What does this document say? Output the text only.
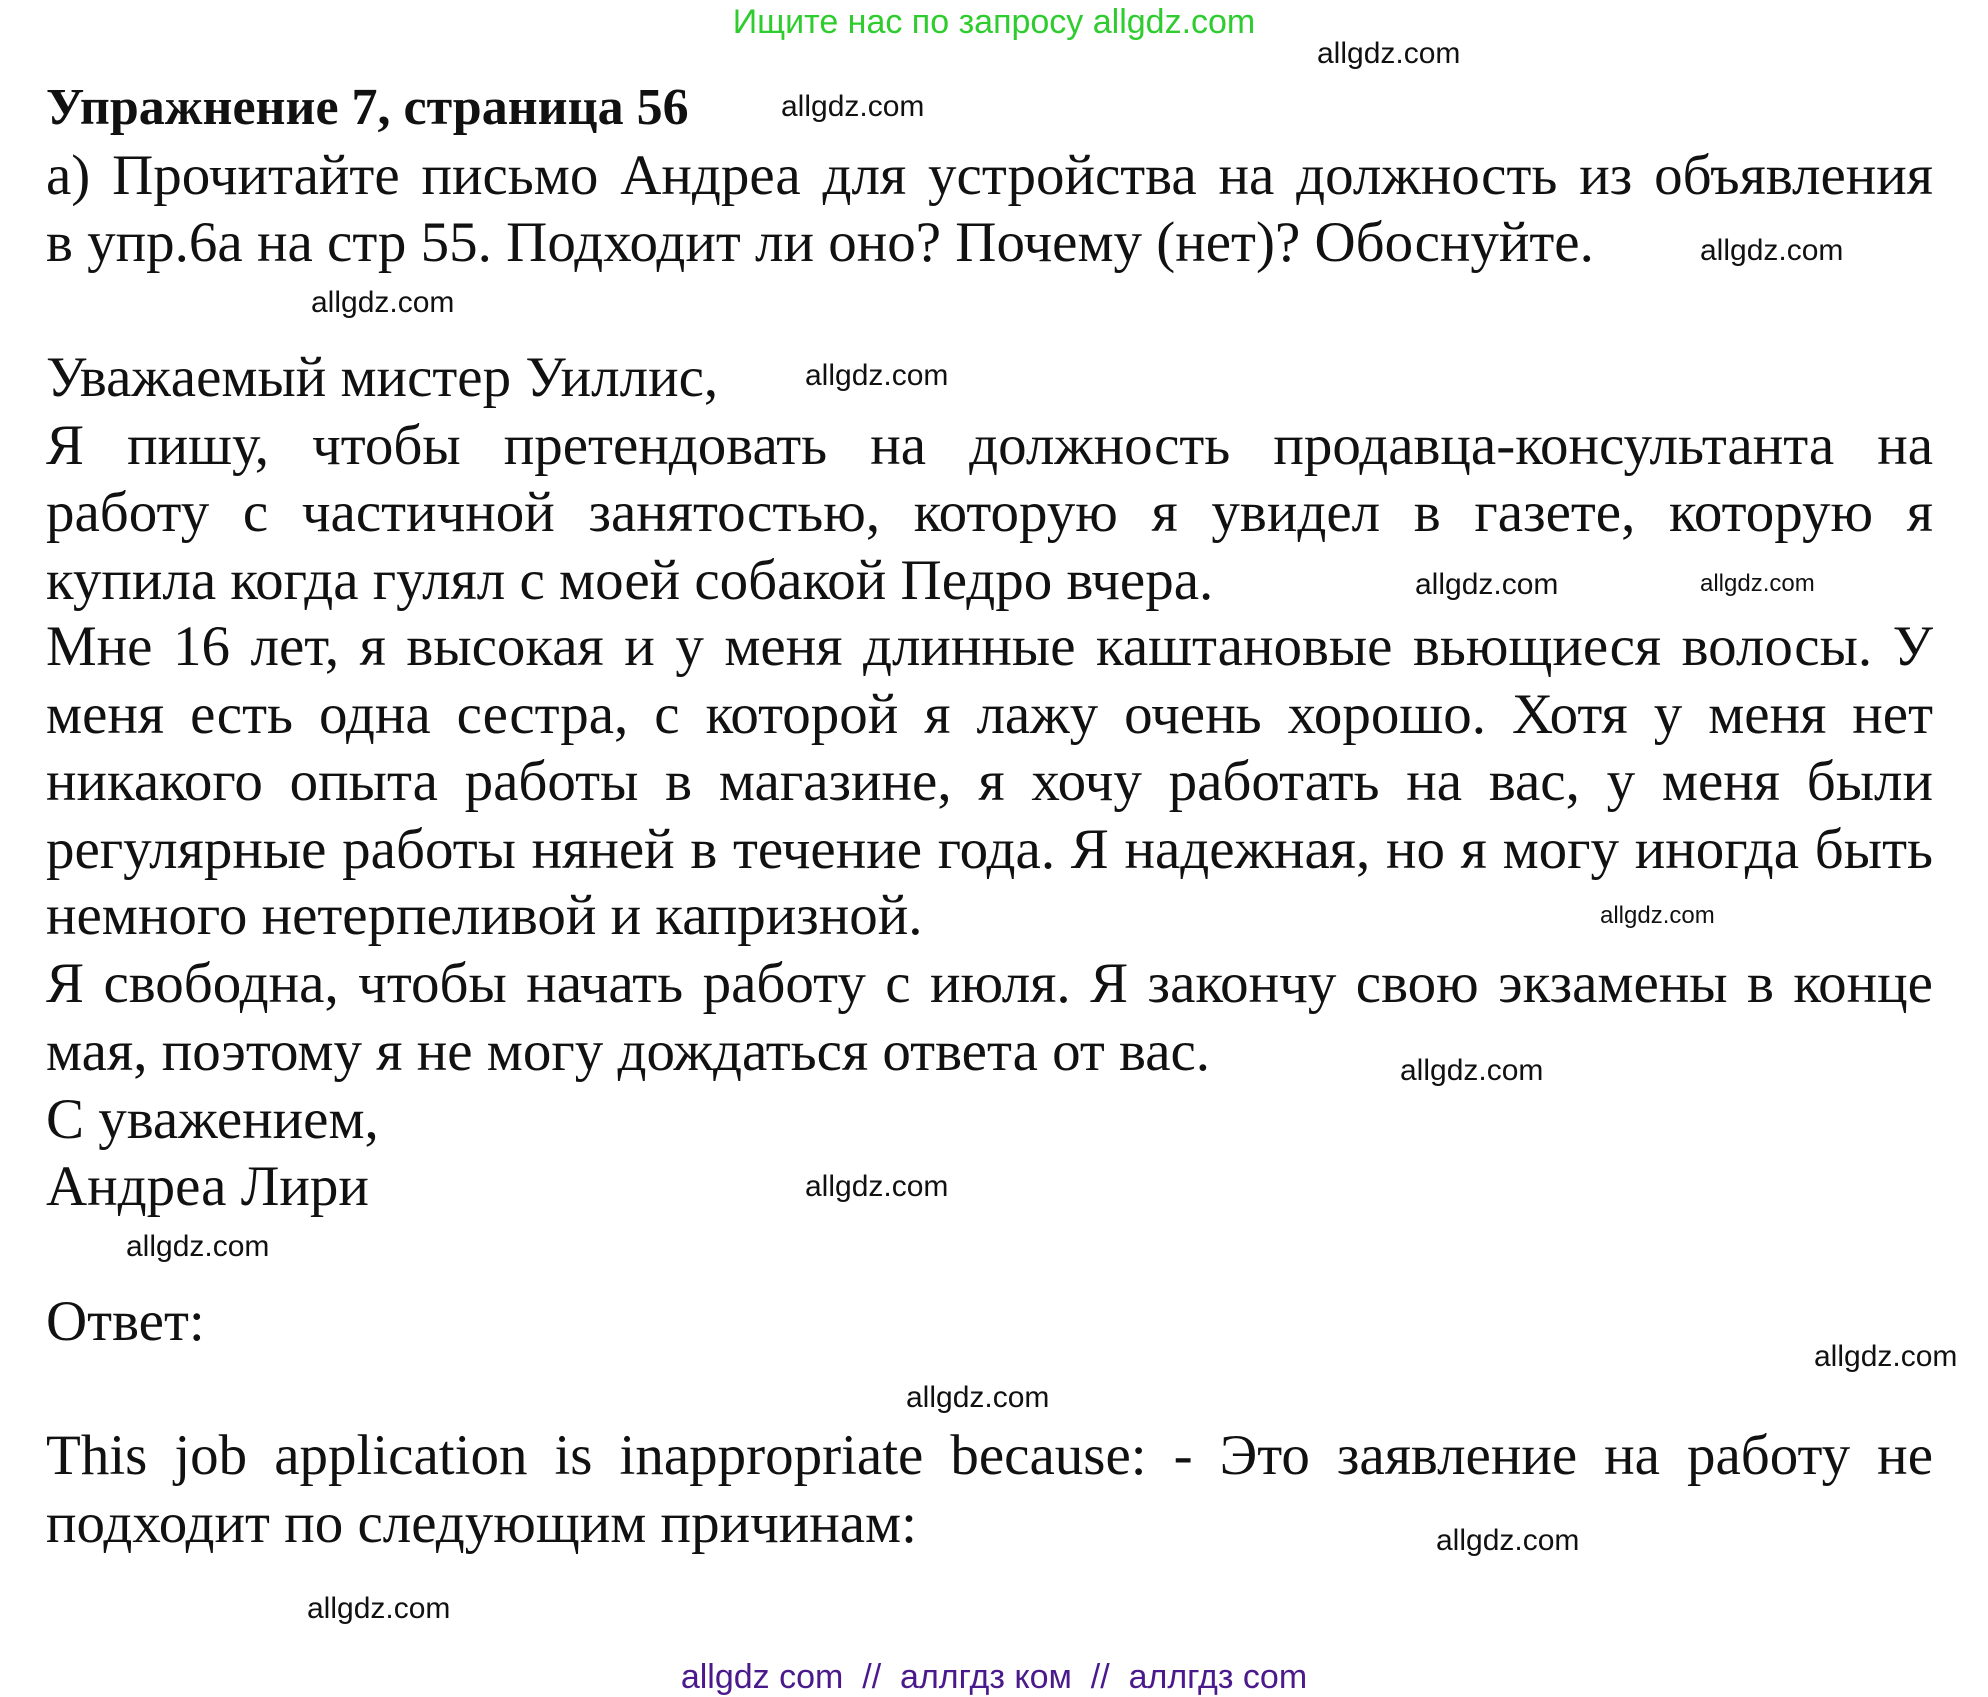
Ищите нас по запросу allgdz.com
Упражнение 7, страница 56
а) Прочитайте письмо Андреа для устройства на должность из объявления
в упр.6а на стр 55. Подходит ли оно? Почему (нет)? Обоснуйте.
Уважаемый мистер Уиллис,
Я пишу, чтобы претендовать на должность продавца-консультанта на
работу с частичной занятостью, которую я увидел в газете, которую я
купила когда гулял с моей собакой Педро вчера.
Мне 16 лет, я высокая и у меня длинные каштановые вьющиеся волосы. У
меня есть одна сестра, с которой я лажу очень хорошо. Хотя у меня нет
никакого опыта работы в магазине, я хочу работать на вас, у меня были
регулярные работы няней в течение года. Я надежная, но я могу иногда быть
немного нетерпеливой и капризной.
Я свободна, чтобы начать работу с июля. Я закончу свою экзамены в конце
мая, поэтому я не могу дождаться ответа от вас.
С уважением,
Андреа Лири
Ответ:
This job application is inappropriate because: - Это заявление на работу не
подходит по следующим причинам:
allgdz.com
allgdz.com
allgdz.com
allgdz.com
allgdz.com
allgdz.com
allgdz.com
allgdz.com
allgdz.com
allgdz.com
allgdz.com
allgdz.com
allgdz.com
allgdz.com
allgdz.com
allgdz com  //  аллгдз ком  //  аллгдз com
